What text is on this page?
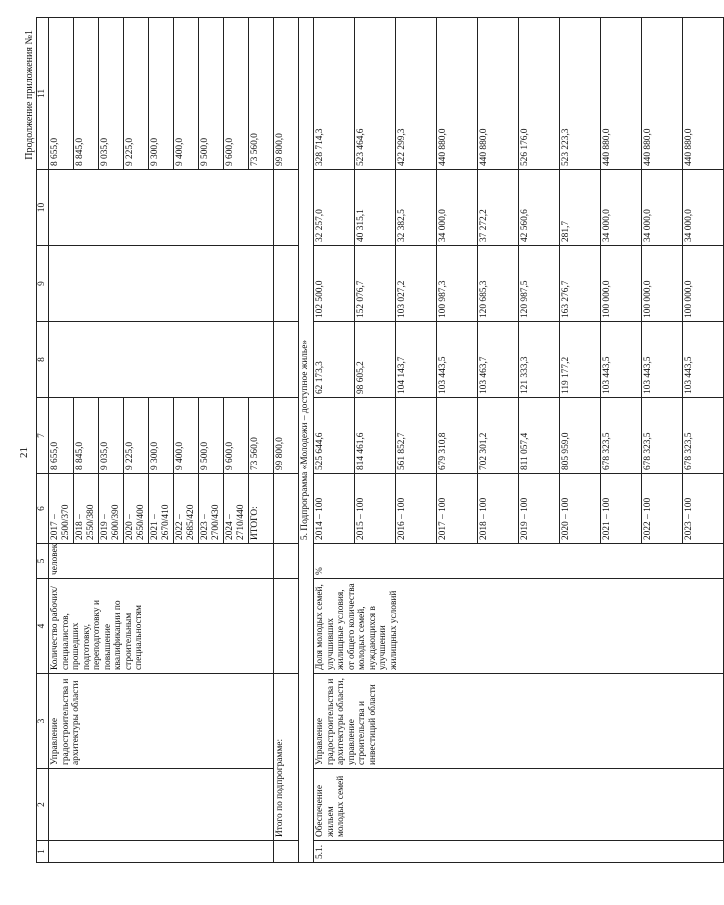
21
Продолжение приложения №1
1	2	3	4	5	6	7	8	9	10	11
		Управление градостроительства и архитектуры области	Количество рабочих/ специалистов, прошедших подготовку, переподготовку и повышение квалификации по строительным специальностям	человек	2017 – 2500/370	8 655,0				8 655,0
					2018 – 2550/380	8 845,0				8 845,0
					2019 – 2600/390	9 035,0				9 035,0
					2020 – 2650/400	9 225,0				9 225,0
					2021 – 2670/410	9 300,0				9 300,0
					2022 – 2685/420	9 400,0				9 400,0
					2023 – 2700/430	9 500,0				9 500,0
					2024 – 2710/440	9 600,0				9 600,0
					ИТОГО:	73 560,0				73 560,0
	Итого по подпрограмме:					99 800,0				99 800,0
5. Подпрограмма «Молодежи – доступное жилье»										
5.1.	Обеспечение жильем молодых семей	Управление градостроительства и архитектуры области, управление строительства и инвестиций области	Доля молодых семей, улучшивших жилищные условия, от общего количества молодых семей, нуждающихся в улучшении жилищных условий	%	2014 – 100	525 644,6	62 173,3	102 500,0	32 257,0	328 714,3
					2015 – 100	814 461,6	98 605,2	152 076,7	40 315,1	523 464,6
					2016 – 100	561 852,7	104 143,7	103 027,2	32 382,5	422 299,3
					2017 – 100	679 310,8	103 443,5	100 987,3	34 000,0	440 880,0
					2018 – 100	702 301,2	103 463,7	120 685,3	37 272,2	440 880,0
					2019 – 100	811 057,4	121 333,3	120 987,5	42 560,6	526 176,0
					2020 – 100	805 959,0	119 177,2	163 276,7	281,7	523 223,3
					2021 – 100	678 323,5	103 443,5	100 000,0	34 000,0	440 880,0
					2022 – 100	678 323,5	103 443,5	100 000,0	34 000,0	440 880,0
					2023 – 100	678 323,5	103 443,5	100 000,0	34 000,0	440 880,0
